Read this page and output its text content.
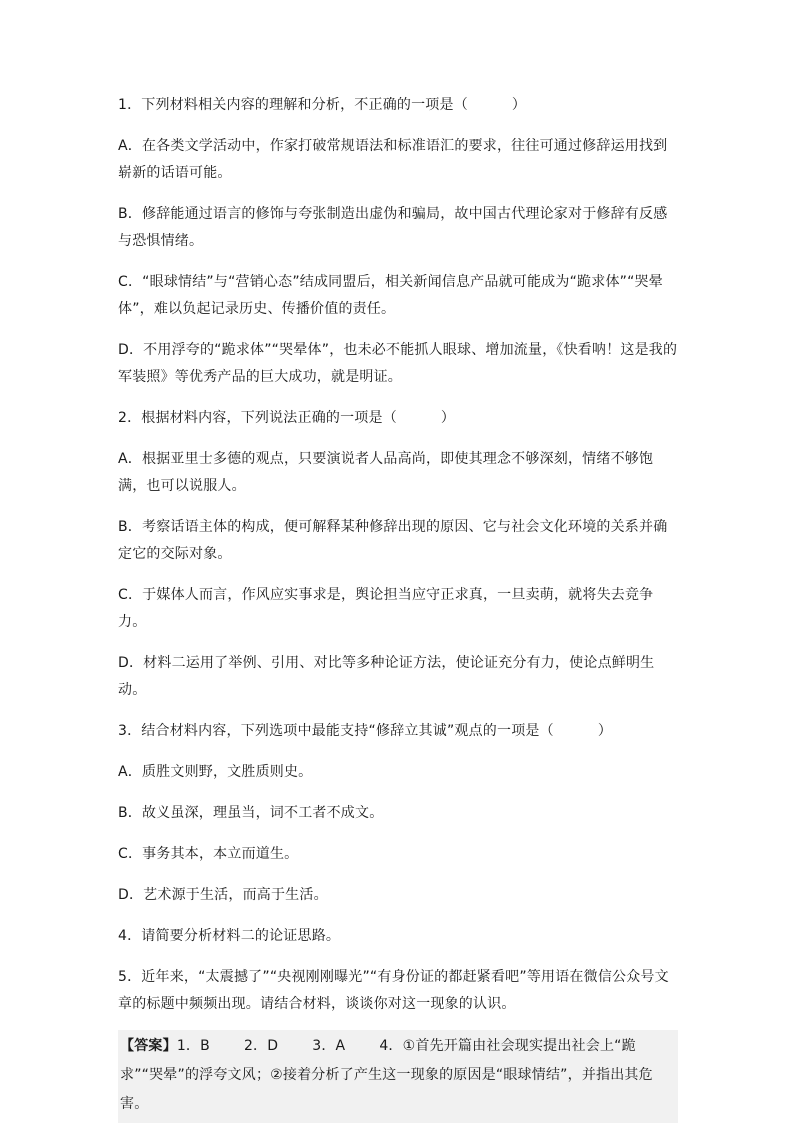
1．下列材料相关内容的理解和分析，不正确的一项是（	）

A．在各类文学活动中，作家打破常规语法和标准语汇的要求，往往可通过修辞运用找到崭新的话语可能。

B．修辞能通过语言的修饰与夸张制造出虚伪和骗局，故中国古代理论家对于修辞有反感与恐惧情绪。

C．“眼球情结”与“营销心态”结成同盟后，相关新闻信息产品就可能成为“跪求体”“哭晕体”，难以负起记录历史、传播价值的责任。

D．不用浮夸的“跪求体”“哭晕体”，也未必不能抓人眼球、增加流量，《快看呐！这是我的军装照》等优秀产品的巨大成功，就是明证。

2．根据材料内容，下列说法正确的一项是（	）

A．根据亚里士多德的观点，只要演说者人品高尚，即使其理念不够深刻，情绪不够饱满，也可以说服人。

B．考察话语主体的构成，便可解释某种修辞出现的原因、它与社会文化环境的关系并确定它的交际对象。

C．于媒体人而言，作风应实事求是，舆论担当应守正求真，一旦卖萌，就将失去竞争力。

D．材料二运用了举例、引用、对比等多种论证方法，使论证充分有力，使论点鲜明生动。

3．结合材料内容，下列选项中最能支持“修辞立其诚”观点的一项是（	）

A．质胜文则野，文胜质则史。

B．故义虽深，理虽当，词不工者不成文。

C．事务其本，本立而道生。

D．艺术源于生活，而高于生活。

4．请简要分析材料二的论证思路。

5．近年来，“太震撼了”“央视刚刚曝光”“有身份证的都赶紧看吧”等用语在微信公众号文章的标题中频频出现。请结合材料，谈谈你对这一现象的认识。

【答案】1．B 2．D 3．A 4．①首先开篇由社会现实提出社会上“跪求”“哭晕”的浮夸文风；②接着分析了产生这一现象的原因是“眼球情结”，并指出其危害。
